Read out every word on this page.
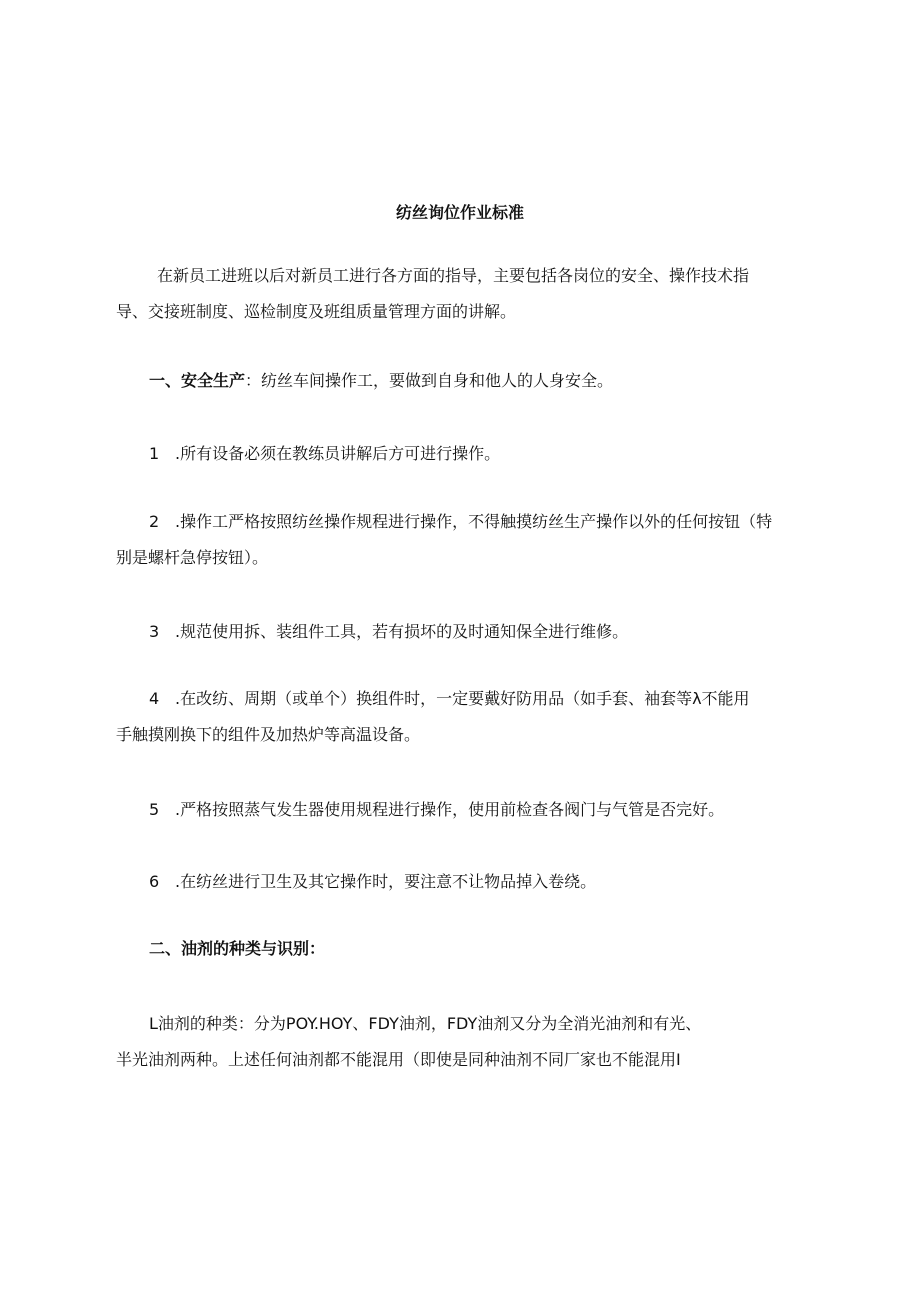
纺丝询位作业标准
在新员工进班以后对新员工进行各方面的指导，主要包括各岗位的安全、操作技术指
导、交接班制度、巡检制度及班组质量管理方面的讲解。
一、安全生产：纺丝车间操作工，要做到自身和他人的人身安全。
1 .所有设备必须在教练员讲解后方可进行操作。
2 .操作工严格按照纺丝操作规程进行操作，不得触摸纺丝生产操作以外的任何按钮（特
别是螺杆急停按钮）。
3 .规范使用拆、装组件工具，若有损坏的及时通知保全进行维修。
4 .在改纺、周期（或单个）换组件时，一定要戴好防用品（如手套、袖套等λ不能用
手触摸刚换下的组件及加热炉等高温设备。
5 .严格按照蒸气发生器使用规程进行操作，使用前检查各阀门与气管是否完好。
6 .在纺丝进行卫生及其它操作时，要注意不让物品掉入卷绕。
二、油剂的种类与识别：
L油剂的种类：分为POY.HOY、FDY油剂，FDY油剂又分为全消光油剂和有光、
半光油剂两种。上述任何油剂都不能混用（即使是同种油剂不同厂家也不能混用I
